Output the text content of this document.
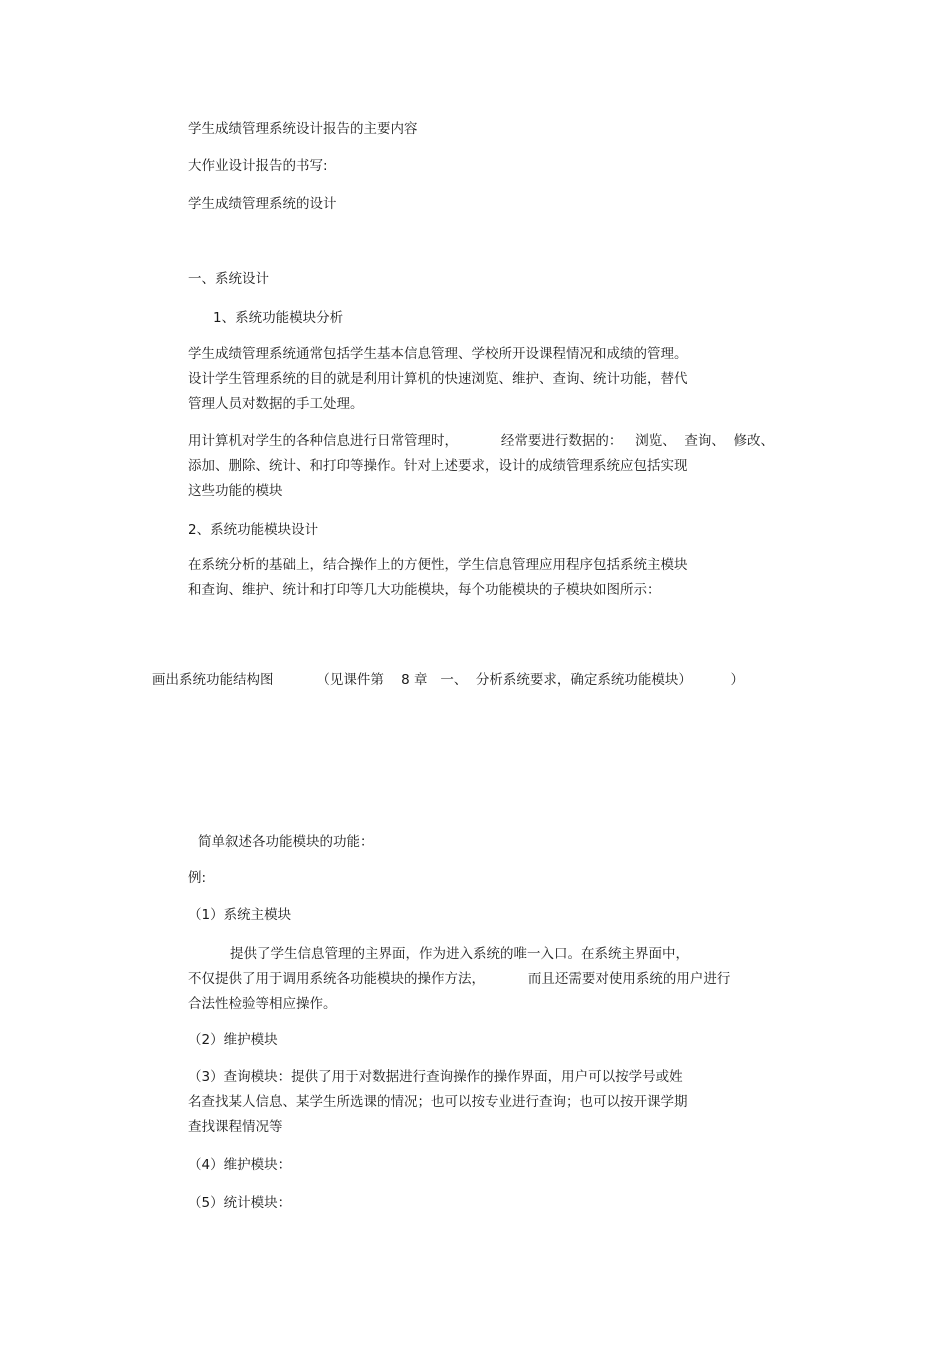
学生成绩管理系统设计报告的主要内容
大作业设计报告的书写:
学生成绩管理系统的设计
一、系统设计
1、系统功能模块分析
学生成绩管理系统通常包括学生基本信息管理、学校所开设课程情况和成绩的管理。
设计学生管理系统的目的就是利用计算机的快速浏览、维护、查询、统计功能，替代
管理人员对数据的手工处理。
用计算机对学生的各种信息进行日常管理时，          经常要进行数据的：   浏览、  查询、  修改、
添加、删除、统计、和打印等操作。针对上述要求，设计的成绩管理系统应包括实现
这些功能的模块
2、系统功能模块设计
在系统分析的基础上，结合操作上的方便性，学生信息管理应用程序包括系统主模块
和查询、维护、统计和打印等几大功能模块，每个功能模块的子模块如图所示：
画出系统功能结构图          （见课件第    8 章   一、  分析系统要求，确定系统功能模块）         ）
简单叙述各功能模块的功能：
例:
（1）系统主模块
提供了学生信息管理的主界面，作为进入系统的唯一入口。在系统主界面中，
不仅提供了用于调用系统各功能模块的操作方法，          而且还需要对使用系统的用户进行
合法性检验等相应操作。
（2）维护模块
（3）查询模块：提供了用于对数据进行查询操作的操作界面，用户可以按学号或姓
名查找某人信息、某学生所选课的情况；也可以按专业进行查询；也可以按开课学期
查找课程情况等
（4）维护模块：
（5）统计模块：
